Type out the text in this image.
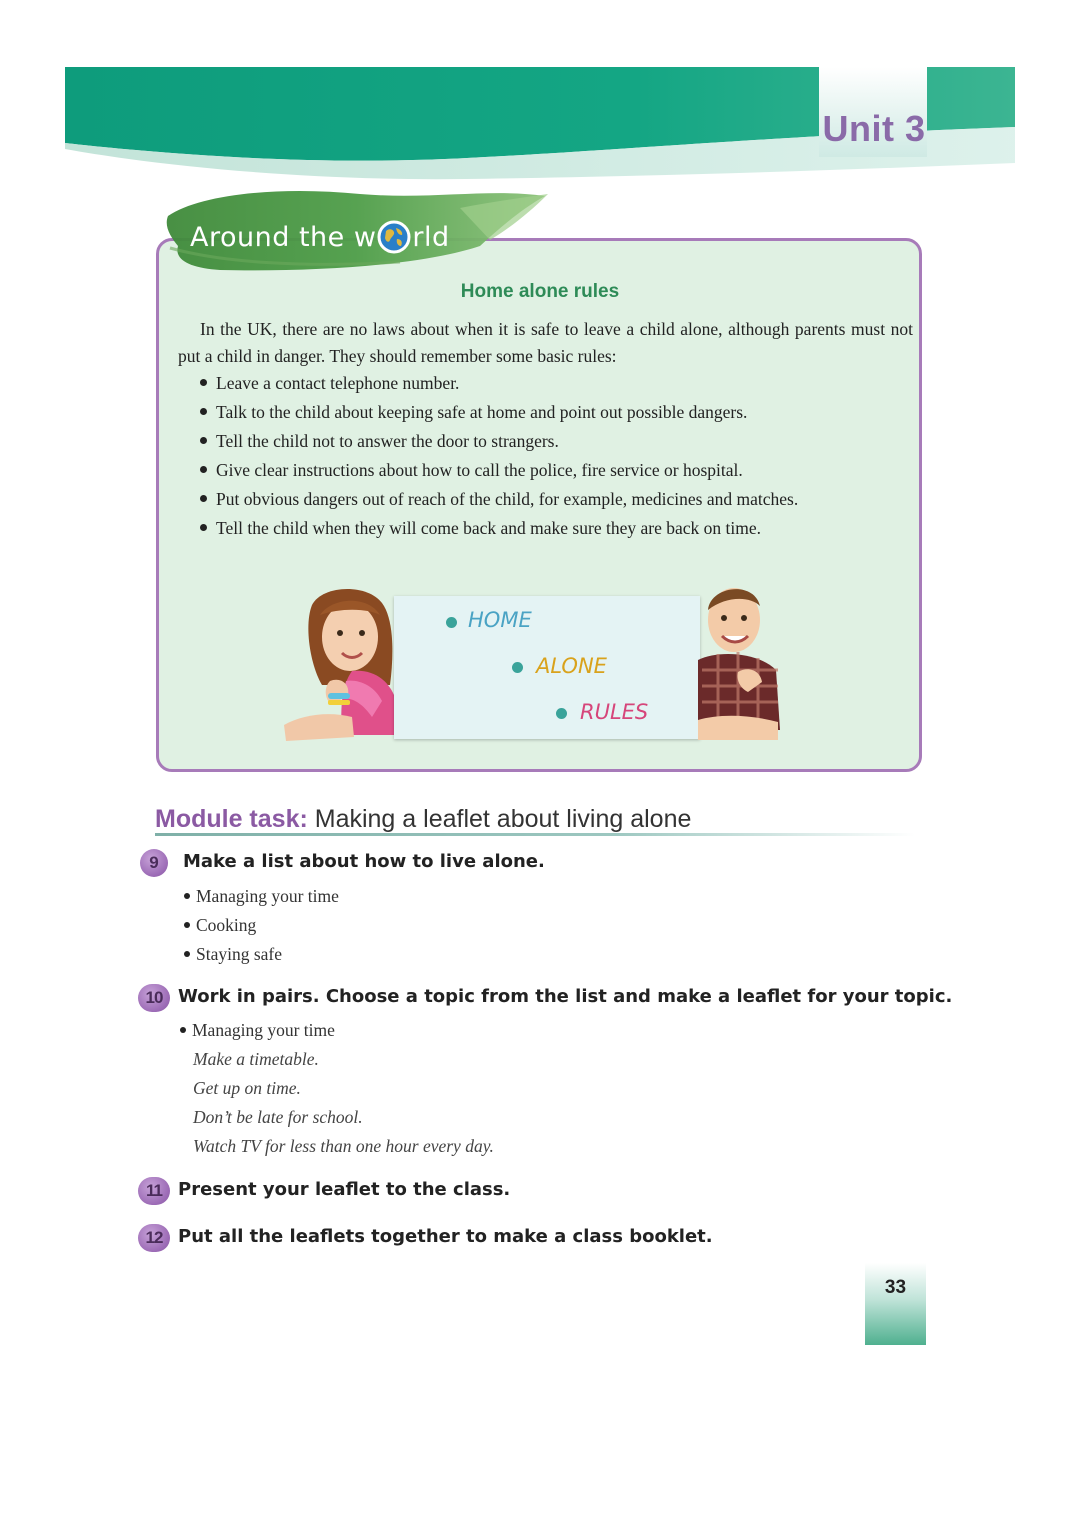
Unit 3
Around the w rld
Home alone rules
In the UK, there are no laws about when it is safe to leave a child alone, although parents must not put a child in danger. They should remember some basic rules:
Leave a contact telephone number.
Talk to the child about keeping safe at home and point out possible dangers.
Tell the child not to answer the door to strangers.
Give clear instructions about how to call the police, fire service or hospital.
Put obvious dangers out of reach of the child, for example, medicines and matches.
Tell the child when they will come back and make sure they are back on time.
HOME
ALONE
RULES
Module task: Making a leaflet about living alone
9	Make a list about how to live alone.
Managing your time
Cooking
Staying safe
10 Work in pairs. Choose a topic from the list and make a leaflet for your topic.
Managing your time
Make a timetable.
Get up on time.
Don’t be late for school.
Watch TV for less than one hour every day.
11 Present your leaflet to the class.
12 Put all the leaflets together to make a class booklet.
33
